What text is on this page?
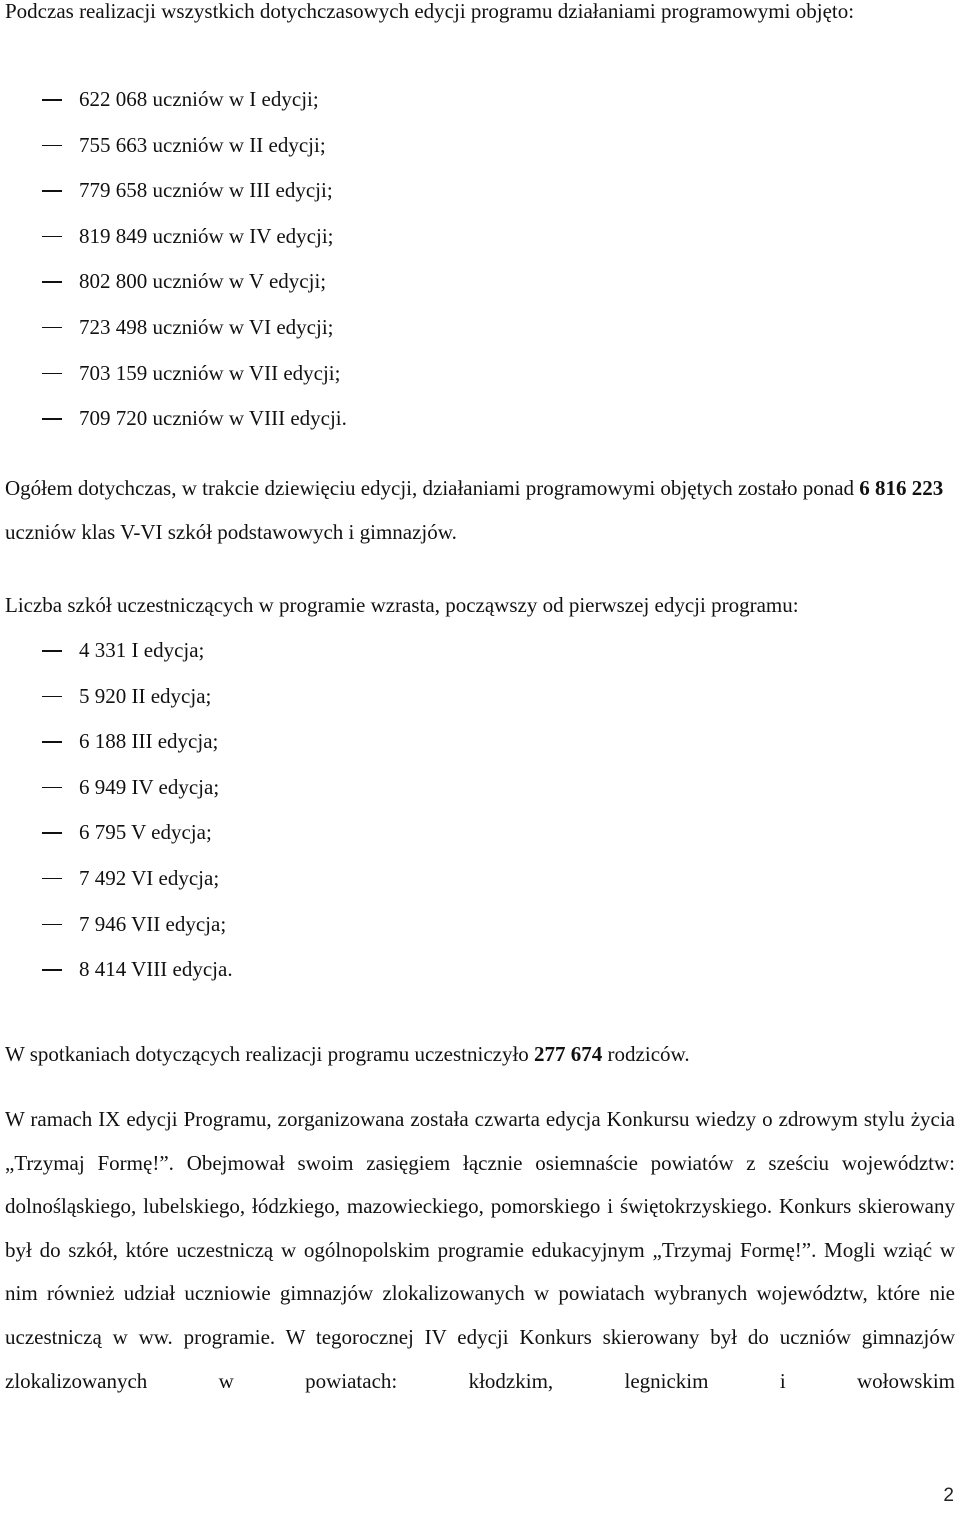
Podczas realizacji wszystkich dotychczasowych edycji programu działaniami programowymi objęto:

622 068 uczniów w I edycji;
755 663 uczniów w II edycji;
779 658 uczniów w III edycji;
819 849 uczniów w IV edycji;
802 800 uczniów w V edycji;
723 498 uczniów w VI edycji;
703 159 uczniów w VII edycji;
709 720 uczniów w VIII edycji.

Ogółem dotychczas, w trakcie dziewięciu edycji, działaniami programowymi objętych zostało ponad 6 816 223 uczniów klas V-VI szkół podstawowych i gimnazjów.

Liczba szkół uczestniczących w programie wzrasta, począwszy od pierwszej edycji programu:

4 331 I edycja;
5 920 II edycja;
6 188 III edycja;
6 949 IV edycja;
6 795 V edycja;
7 492 VI edycja;
7 946 VII edycja;
8 414 VIII edycja.

W spotkaniach dotyczących realizacji programu uczestniczyło 277 674 rodziców.

W ramach IX edycji Programu, zorganizowana została czwarta edycja Konkursu wiedzy o zdrowym stylu życia „Trzymaj Formę!”. Obejmował swoim zasięgiem łącznie osiemnaście powiatów z sześciu województw: dolnośląskiego, lubelskiego, łódzkiego, mazowieckiego, pomorskiego i świętokrzyskiego. Konkurs skierowany był do szkół, które uczestniczą w ogólnopolskim programie edukacyjnym „Trzymaj Formę!”. Mogli wziąć w nim również udział uczniowie gimnazjów zlokalizowanych w powiatach wybranych województw, które nie uczestniczą w ww. programie. W tegorocznej IV edycji Konkurs skierowany był do uczniów gimnazjów zlokalizowanych w powiatach: kłodzkim, legnickim i wołowskim

2
